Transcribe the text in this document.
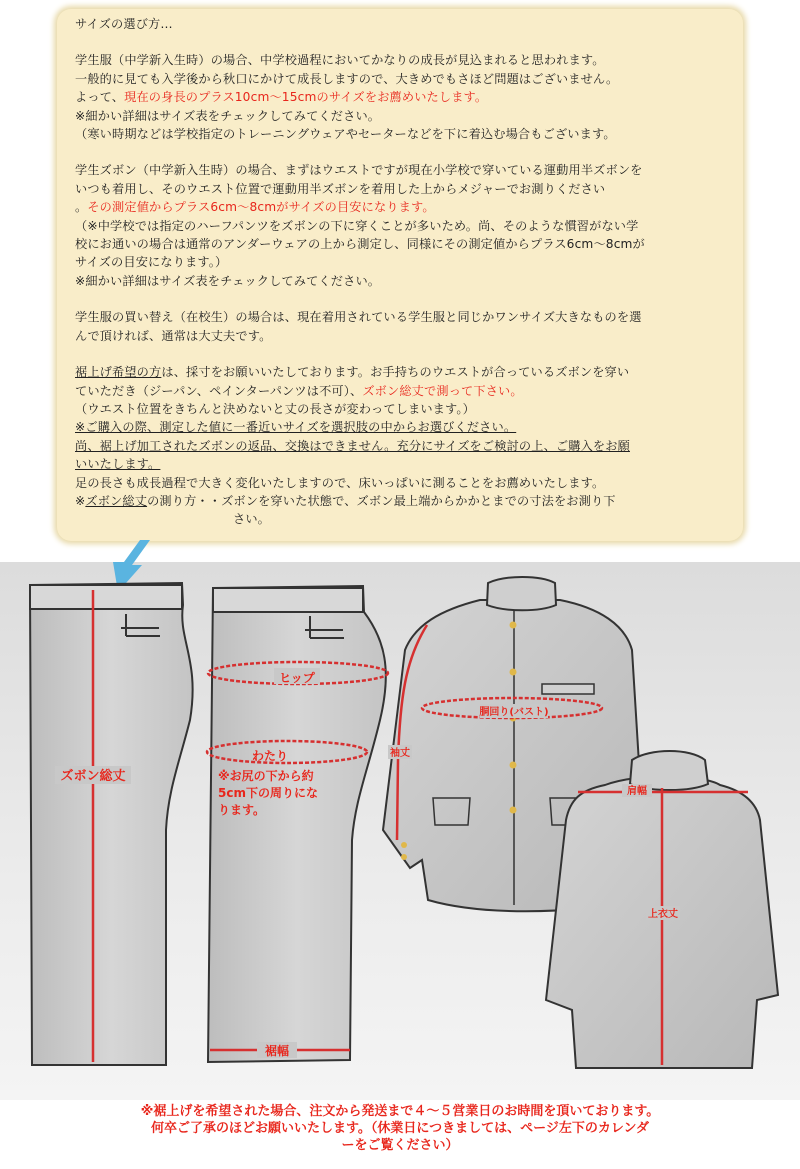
サイズの選び方…

学生服（中学新入生時）の場合、中学校過程においてかなりの成長が見込まれると思われます。

一般的に見ても入学後から秋口にかけて成長しますので、大きめでもさほど問題はございません。

よって、現在の身長のプラス10cm～15cmのサイズをお薦めいたします。

※細かい詳細はサイズ表をチェックしてみてください。

（寒い時期などは学校指定のトレーニングウェアやセーターなどを下に着込む場合もございます。

学生ズボン（中学新入生時）の場合、まずはウエストですが現在小学校で穿いている運動用半ズボンを

いつも着用し、そのウエスト位置で運動用半ズボンを着用した上からメジャーでお測りください

。その測定値からプラス6cm～8cmがサイズの目安になります。

（※中学校では指定のハーフパンツをズボンの下に穿くことが多いため。尚、そのような慣習がない学

校にお通いの場合は通常のアンダーウェアの上から測定し、同様にその測定値からプラス6cm～8cmが

サイズの目安になります。）

※細かい詳細はサイズ表をチェックしてみてください。

学生服の買い替え（在校生）の場合は、現在着用されている学生服と同じかワンサイズ大きなものを選

んで頂ければ、通常は大丈夫です。

裾上げ希望の方は、採寸をお願いいたしております。お手持ちのウエストが合っているズボンを穿い

ていただき（ジーパン、ペインターパンツは不可）、ズボン総丈で測って下さい。

（ウエスト位置をきちんと決めないと丈の長さが変わってしまいます。）

※ご購入の際、測定した値に一番近いサイズを選択肢の中からお選びください。

尚、裾上げ加工されたズボンの返品、交換はできません。充分にサイズをご検討の上、ご購入をお願

いいたします。

足の長さも成長過程で大きく変化いたしますので、床いっぱいに測ることをお薦めいたします。

※ズボン総丈の測り方・・ズボンを穿いた状態で、ズボン最上端からかかとまでの寸法をお測り下

さい。

ズボン総丈
ヒップ
わたり
※お尻の下から約
5cm下の周りにな
ります。
裾幅
胴回り(バスト)
袖丈
肩幅
上衣丈

※裾上げを希望された場合、注文から発送まで４～５営業日のお時間を頂いております。

何卒ご了承のほどお願いいたします。（休業日につきましては、ページ左下のカレンダ

ーをご覧ください）
